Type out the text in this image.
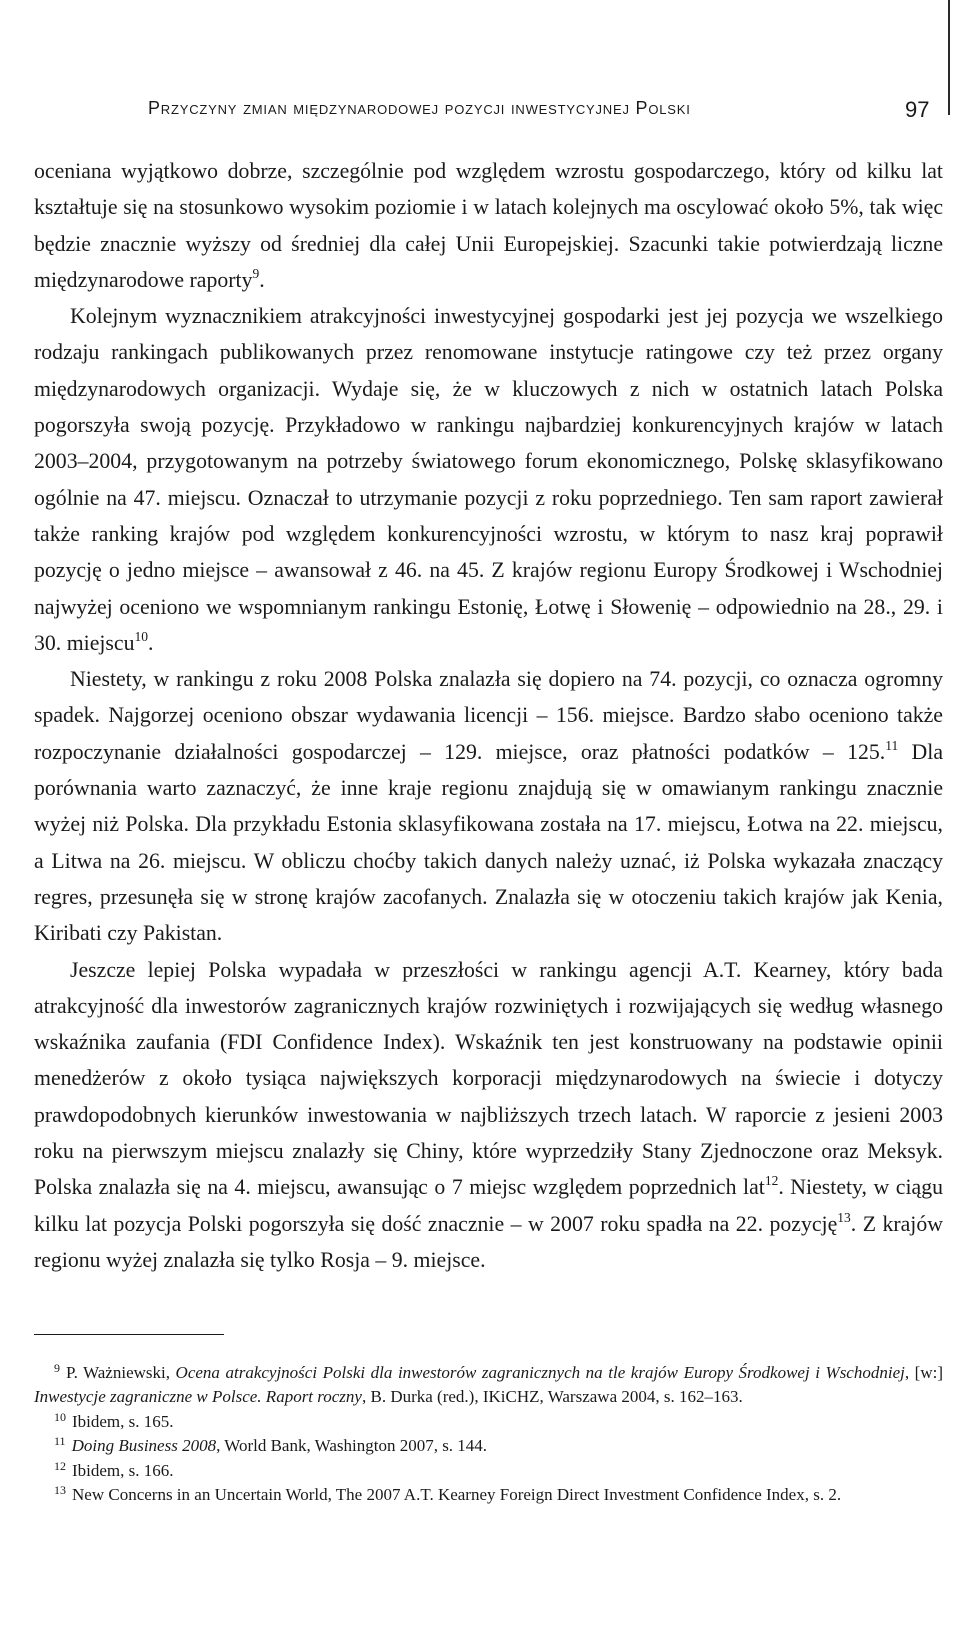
Przyczyny zmian międzynarodowej pozycji inwestycyjnej Polski	97

oceniana wyjątkowo dobrze, szczególnie pod względem wzrostu gospodarczego, który od kilku lat kształtuje się na stosunkowo wysokim poziomie i w latach kolejnych ma oscylować około 5%, tak więc będzie znacznie wyższy od średniej dla całej Unii Europejskiej. Szacunki takie potwierdzają liczne międzynarodowe raporty$^9$.

Kolejnym wyznacznikiem atrakcyjności inwestycyjnej gospodarki jest jej pozycja we wszelkiego rodzaju rankingach publikowanych przez renomowane instytucje ratingowe czy też przez organy międzynarodowych organizacji. Wydaje się, że w kluczowych z nich w ostatnich latach Polska pogorszyła swoją pozycję. Przykładowo w rankingu najbardziej konkurencyjnych krajów w latach 2003–2004, przygotowanym na potrzeby światowego forum ekonomicznego, Polskę sklasyfikowano ogólnie na 47. miejscu. Oznaczał to utrzymanie pozycji z roku poprzedniego. Ten sam raport zawierał także ranking krajów pod względem konkurencyjności wzrostu, w którym to nasz kraj poprawił pozycję o jedno miejsce – awansował z 46. na 45. Z krajów regionu Europy Środkowej i Wschodniej najwyżej oceniono we wspomnianym rankingu Estonię, Łotwę i Słowenię – odpowiednio na 28., 29. i 30. miejscu$^{10}$.

Niestety, w rankingu z roku 2008 Polska znalazła się dopiero na 74. pozycji, co oznacza ogromny spadek. Najgorzej oceniono obszar wydawania licencji – 156. miejsce. Bardzo słabo oceniono także rozpoczynanie działalności gospodarczej – 129. miejsce, oraz płatności podatków – 125.11 Dla porównania warto zaznaczyć, że inne kraje regionu znajdują się w omawianym rankingu znacznie wyżej niż Polska. Dla przykładu Estonia sklasyfikowana została na 17. miejscu, Łotwa na 22. miejscu, a Litwa na 26. miejscu. W obliczu choćby takich danych należy uznać, iż Polska wykazała znaczący regres, przesunęła się w stronę krajów zacofanych. Znalazła się w otoczeniu takich krajów jak Kenia, Kiribati czy Pakistan.

Jeszcze lepiej Polska wypadała w przeszłości w rankingu agencji A.T. Kearney, który bada atrakcyjność dla inwestorów zagranicznych krajów rozwiniętych i rozwijających się według własnego wskaźnika zaufania (FDI Confidence Index). Wskaźnik ten jest konstruowany na podstawie opinii menedżerów z około tysiąca największych korporacji międzynarodowych na świecie i dotyczy prawdopodobnych kierunków inwestowania w najbliższych trzech latach. W raporcie z jesieni 2003 roku na pierwszym miejscu znalazły się Chiny, które wyprzedziły Stany Zjednoczone oraz Meksyk. Polska znalazła się na 4. miejscu, awansując o 7 miejsc względem poprzednich lat$^{12}$. Niestety, w ciągu kilku lat pozycja Polski pogorszyła się dość znacznie – w 2007 roku spadła na 22. pozycję$^{13}$. Z krajów regionu wyżej znalazła się tylko Rosja – 9. miejsce.

$^9$ P. Ważniewski, Ocena atrakcyjności Polski dla inwestorów zagranicznych na tle krajów Europy Środkowej i Wschodniej, [w:] Inwestycje zagraniczne w Polsce. Raport roczny, B. Durka (red.), IKiCHZ, Warszawa 2004, s. 162–163.

$^{10}$ Ibidem, s. 165.

$^{11}$ Doing Business 2008, World Bank, Washington 2007, s. 144.

$^{12}$ Ibidem, s. 166.

$^{13}$ New Concerns in an Uncertain World, The 2007 A.T. Kearney Foreign Direct Investment Confidence Index, s. 2.
